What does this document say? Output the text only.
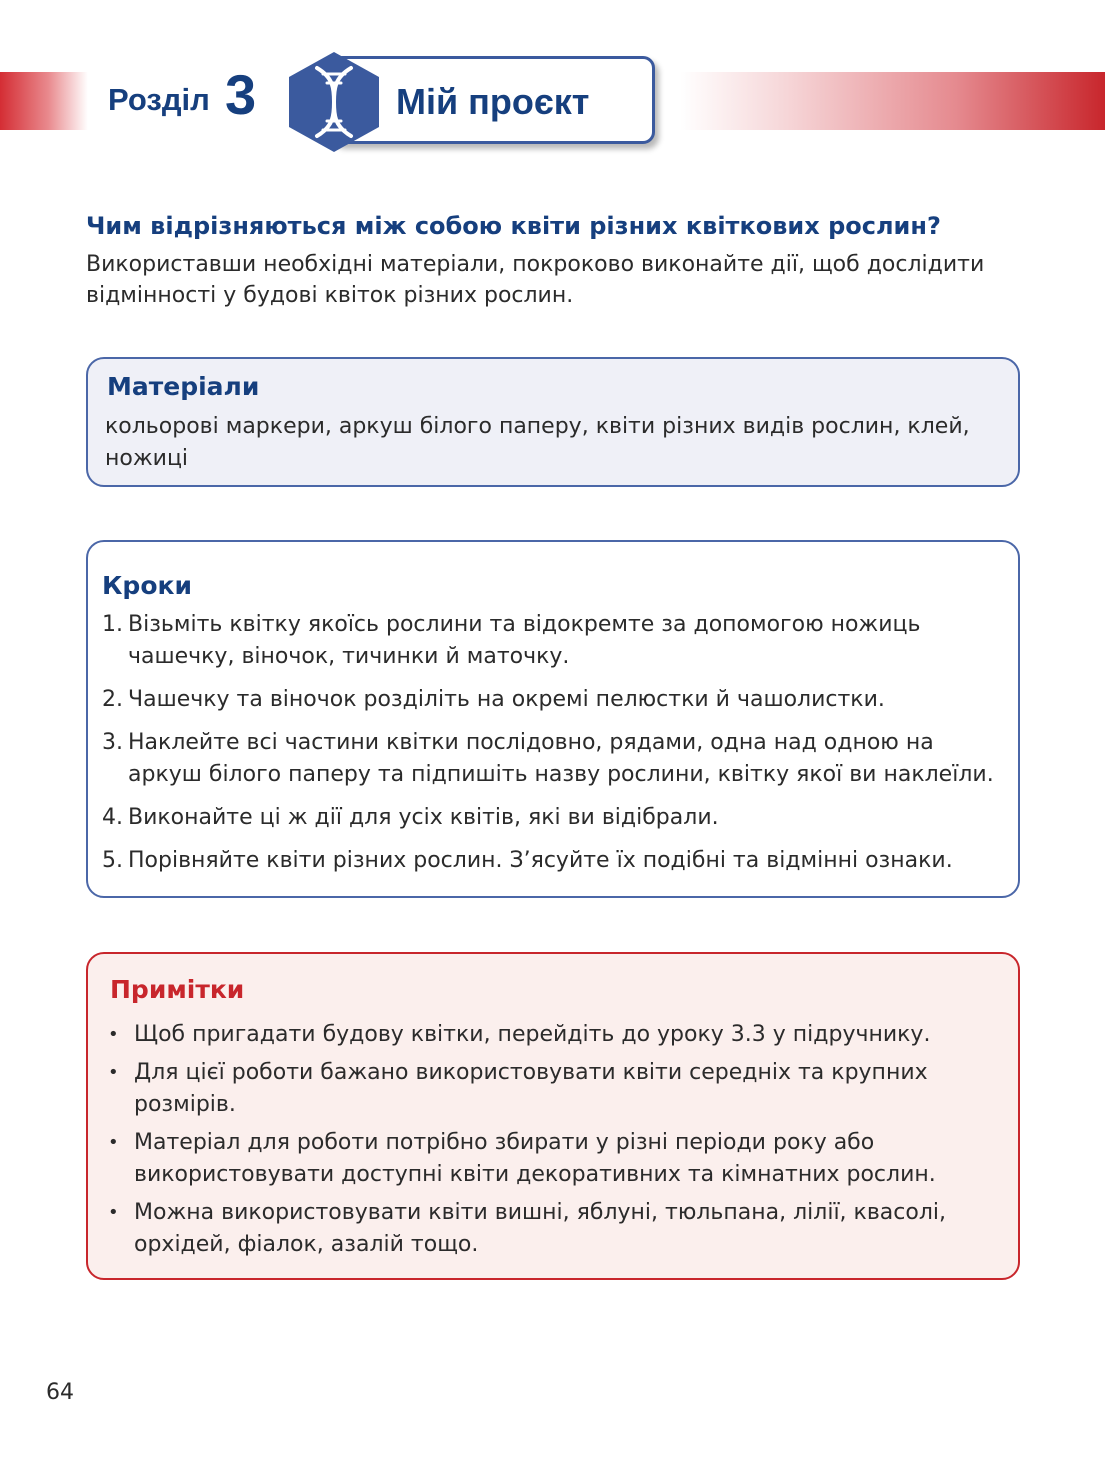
Розділ 3	Мій проєкт
Чим відрізняються між собою квіти різних квіткових рослин?
Використавши необхідні матеріали, покроково виконайте дії, щоб дослідити відмінності у будові квіток різних рослин.
Матеріали
кольорові маркери, аркуш білого паперу, квіти різних видів рослин, клей, ножиці
Кроки
1. Візьміть квітку якоїсь рослини та відокремте за допомогою ножиць чашечку, віночок, тичинки й маточку.
2. Чашечку та віночок розділіть на окремі пелюстки й чашолистки.
3. Наклейте всі частини квітки послідовно, рядами, одна над одною на аркуш білого паперу та підпишіть назву рослини, квітку якої ви наклеїли.
4. Виконайте ці ж дії для усіх квітів, які ви відібрали.
5. Порівняйте квіти різних рослин. З’ясуйте їх подібні та відмінні ознаки.
Примітки
• Щоб пригадати будову квітки, перейдіть до уроку 3.3 у підручнику.
• Для цієї роботи бажано використовувати квіти середніх та крупних розмірів.
• Матеріал для роботи потрібно збирати у різні періоди року або використовувати доступні квіти декоративних та кімнатних рослин.
• Можна використовувати квіти вишні, яблуні, тюльпана, лілії, квасолі, орхідей, фіалок, азалій тощо.
64
